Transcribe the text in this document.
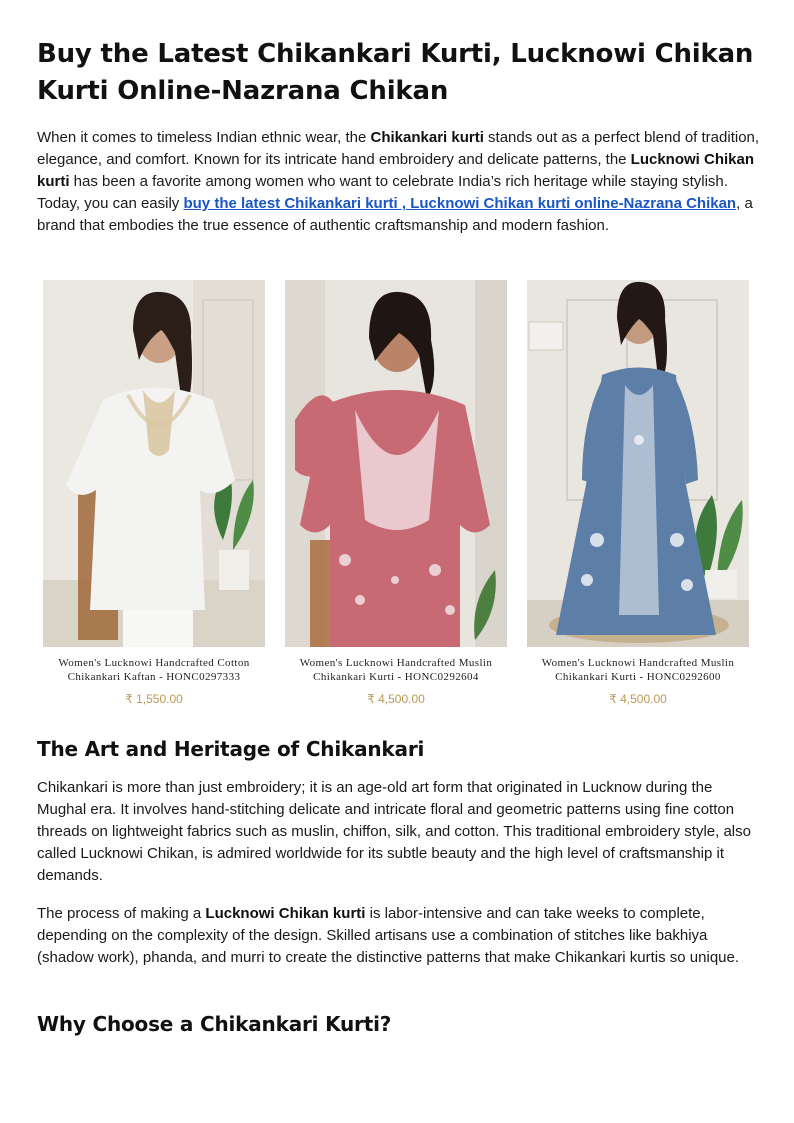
Buy the Latest Chikankari Kurti, Lucknowi Chikan Kurti Online-Nazrana Chikan

When it comes to timeless Indian ethnic wear, the Chikankari kurti stands out as a perfect blend of tradition, elegance, and comfort. Known for its intricate hand embroidery and delicate patterns, the Lucknowi Chikan kurti has been a favorite among women who want to celebrate India’s rich heritage while staying stylish. Today, you can easily buy the latest Chikankari kurti , Lucknowi Chikan kurti online-Nazrana Chikan, a brand that embodies the true essence of authentic craftsmanship and modern fashion.

Women's Lucknowi Handcrafted Cotton Chikankari Kaftan - HONC0297333
₹ 1,550.00
Women's Lucknowi Handcrafted Muslin Chikankari Kurti - HONC0292604
₹ 4,500.00
Women's Lucknowi Handcrafted Muslin Chikankari Kurti - HONC0292600
₹ 4,500.00
The Art and Heritage of Chikankari

Chikankari is more than just embroidery; it is an age-old art form that originated in Lucknow during the Mughal era. It involves hand-stitching delicate and intricate floral and geometric patterns using fine cotton threads on lightweight fabrics such as muslin, chiffon, silk, and cotton. This traditional embroidery style, also called Lucknowi Chikan, is admired worldwide for its subtle beauty and the high level of craftsmanship it demands.

The process of making a Lucknowi Chikan kurti is labor-intensive and can take weeks to complete, depending on the complexity of the design. Skilled artisans use a combination of stitches like bakhiya (shadow work), phanda, and murri to create the distinctive patterns that make Chikankari kurtis so unique.

Why Choose a Chikankari Kurti?
